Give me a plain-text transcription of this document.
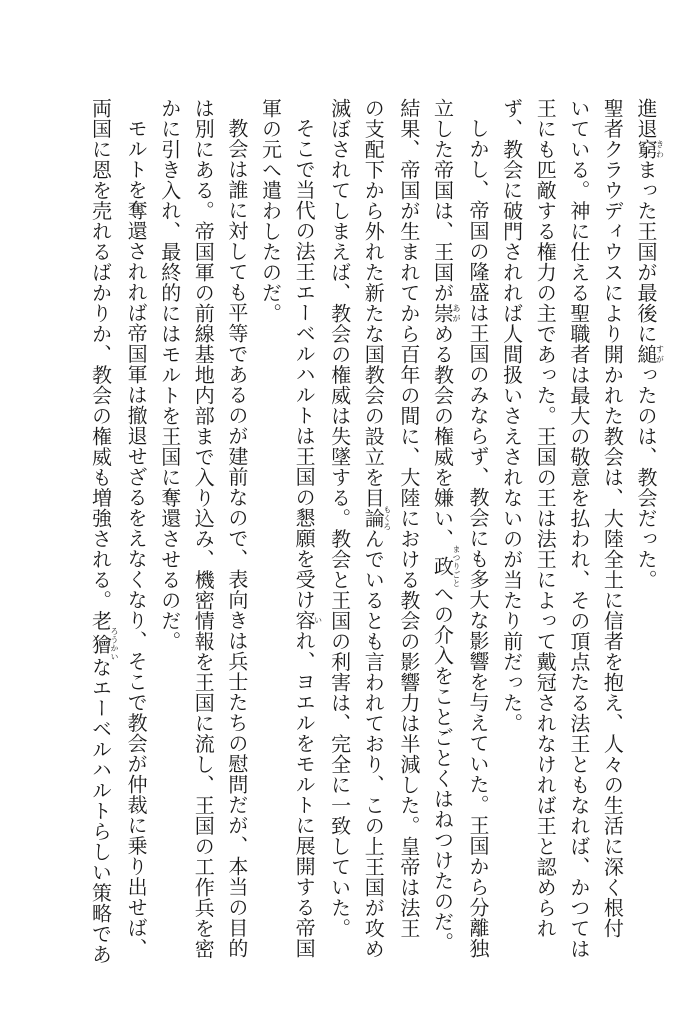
進退窮きわまった王国が最後に縋すがったのは、教会だった。
聖者クラウディウスにより開かれた教会は、大陸全土に信者を抱え、人々の生活に深く根付
いている。神に仕える聖職者は最大の敬意を払われ、その頂点たる法王ともなれば、かつては
王にも匹敵する権力の主であった。王国の王は法王によって戴冠されなければ王と認められ
ず、教会に破門されれば人間扱いさえされないのが当たり前だった。
しかし、帝国の隆盛は王国のみならず、教会にも多大な影響を与えていた。王国から分離独
立した帝国は、王国が崇あがめる教会の権威を嫌い、政まつりごとへの介入をことごとくはねつけたのだ。
結果、帝国が生まれてから百年の間に、大陸における教会の影響力は半減した。皇帝は法王
の支配下から外れた新たな国教会の設立を目論もくろんでいるとも言われており、この上王国が攻め
滅ぼされてしまえば、教会の権威は失墜する。教会と王国の利害は、完全に一致していた。
そこで当代の法王エーベルハルトは王国の懇願を受け容いれ、ヨエルをモルトに展開する帝国
軍の元へ遣わしたのだ。
教会は誰に対しても平等であるのが建前なので、表向きは兵士たちの慰問だが、本当の目的
は別にある。帝国軍の前線基地内部まで入り込み、機密情報を王国に流し、王国の工作兵を密
かに引き入れ、最終的にはモルトを王国に奪還させるのだ。
モルトを奪還されれば帝国軍は撤退せざるをえなくなり、そこで教会が仲裁に乗り出せば、
両国に恩を売れるばかりか、教会の権威も増強される。老獪ろうかいなエーベルハルトらしい策略であ
